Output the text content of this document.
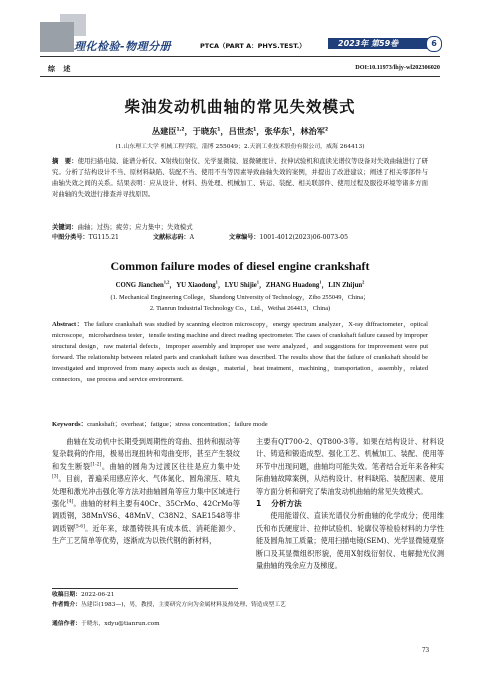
理化检验-物理分册	PTCA（PART A：PHYS.TEST.）	2023年 第59卷	6
综 述	DOI:10.11973/lhjy-wl202306020
柴油发动机曲轴的常见失效模式
丛建臣$^{1,2}$，于晓东$^1$，吕世杰$^1$，张华东$^1$，林治军$^2$
(1.山东理工大学 机械工程学院，淄博 255049；2.天润工业技术股份有限公司，威海 264413)
摘　要：使用扫描电镜、能谱分析仪、X射线衍射仪、光学显微镜、显微硬度计、拉伸试验机和直读光谱仪等设备对失效曲轴进行了研究。分析了结构设计不当、原材料缺陷、装配不当、使用不当等因素导致曲轴失效的案例，并提出了改进建议；阐述了相关零部件与曲轴失效之间的关系。结果表明：应从设计、材料、热处理、机械加工、转运、装配、相关联部件、使用过程及服役环境等诸多方面对曲轴的失效进行排查并寻找原因。
关键词：曲轴；过热；疲劳；应力集中；失效模式
中图分类号：TG115.21	文献标志码：A	文章编号：1001-4012(2023)06-0073-05
Common failure modes of diesel engine crankshaft
CONG Jianchen$^{1,2}$，YU Xiaodong$^1$，LYU Shijie$^1$，ZHANG Huadong$^1$，LIN Zhijun$^2$
(1. Mechanical Engineering College，Shandong University of Technology，Zibo 255049，China；
2. Tianrun Industrial Technology Co.，Ltd.，Weihai 264413，China)
Abstract：The failure crankshaft was studied by scanning electron microscopy，energy spectrum analyzer，X-ray diffractometer，optical microscope，microhardness tester，tensile testing machine and direct reading spectrometer. The cases of crankshaft failure caused by improper structural design，raw material defects，improper assembly and improper use were analyzed，and suggestions for improvement were put forward. The relationship between related parts and crankshaft failure was described. The results show that the failure of crankshaft should be investigated and improved from many aspects such as design，material，heat treatment，machining，transportation，assembly，related connectors，use process and service environment.
Keywords：crankshaft；overheat；fatigue；stress concentration；failure mode

曲轴在发动机中长期受到周期性的弯曲、扭转和振动等复杂载荷的作用，极易出现扭转和弯曲变形，甚至产生裂纹和发生断裂[1-2]。曲轴的圆角为过渡区往往是应力集中处[3]。目前，普遍采用感应淬火、气体氮化、圆角滚压、喷丸处理和激光冲击强化等方法对曲轴圆角等应力集中区域进行强化[4]。曲轴的材料主要有40Cr、35CrMo、42CrMo等调质钢，38MnVS6、48MnV、C38N2、SAE1548等非调质钢[5-6]。近年来，球墨铸铁具有成本低、消耗能源少、生产工艺简单等优势，逐渐成为以铁代钢的新材料，

主要有QT700-2、QT800-3等。如果在结构设计、材料设计、铸造和锻造成型、强化工艺、机械加工、装配、使用等环节中出现问题，曲轴均可能失效。笔者结合近年来各种实际曲轴故障案例，从结构设计、材料缺陷、装配因素、使用等方面分析和研究了柴油发动机曲轴的常见失效模式。

1 分析方法

使用能谱仪、直读光谱仪分析曲轴的化学成分；使用维氏和布氏硬度计、拉伸试验机、轮廓仪等检验材料的力学性能及圆角加工质量；使用扫描电镜(SEM)、光学显微镜观察断口及其显微组织形貌，使用X射线衍射仪、电解抛光仪测量曲轴的残余应力及梯度。

收稿日期：2022-06-21
作者简介：丛建臣(1983—)，男，教授，主要研究方向为金属材料及热处理、铸造成型工艺
通信作者：于晓东，xdyu@tianrun.com
73
